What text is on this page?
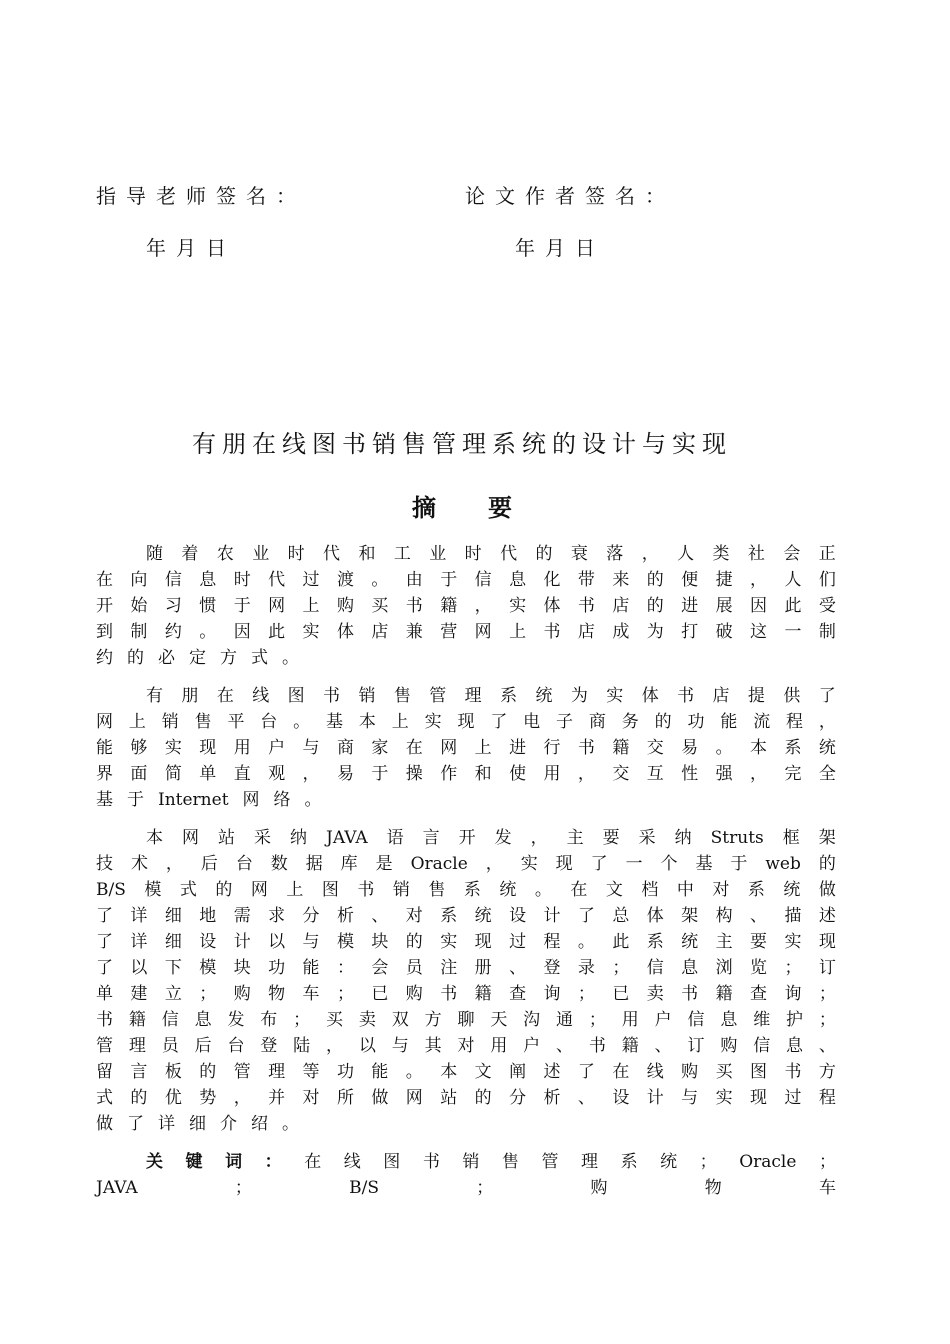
指导老师签名：	论文作者签名：
年月日	年月日
有朋在线图书销售管理系统的设计与实现
摘 要
随 着 农 业 时 代 和 工 业 时 代 的 衰 落 ， 人 类 社 会 正
在 向 信 息 时 代 过 渡 。 由 于 信 息 化 带 来 的 便 捷 ， 人 们
开 始 习 惯 于 网 上 购 买 书 籍 ， 实 体 书 店 的 进 展 因 此 受
到 制 约 。 因 此 实 体 店 兼 营 网 上 书 店 成 为 打 破 这 一 制
约 的 必 定 方 式 。
有 朋 在 线 图 书 销 售 管 理 系 统 为 实 体 书 店 提 供 了
网 上 销 售 平 台 。 基 本 上 实 现 了 电 子 商 务 的 功 能 流 程 ，
能 够 实 现 用 户 与 商 家 在 网 上 进 行 书 籍 交 易 。 本 系 统
界 面 简 单 直 观 ， 易 于 操 作 和 使 用 ， 交 互 性 强 ， 完 全
基 于 Internet 网 络 。
本 网 站 采 纳 JAVA 语 言 开 发 ， 主 要 采 纳 Struts 框 架
技 术 ， 后 台 数 据 库 是 Oracle ， 实 现 了 一 个 基 于 web 的
B/S 模 式 的 网 上 图 书 销 售 系 统 。 在 文 档 中 对 系 统 做
了 详 细 地 需 求 分 析 、 对 系 统 设 计 了 总 体 架 构 、 描 述
了 详 细 设 计 以 与 模 块 的 实 现 过 程 。 此 系 统 主 要 实 现
了 以 下 模 块 功 能 ： 会 员 注 册 、 登 录 ； 信 息 浏 览 ； 订
单 建 立 ； 购 物 车 ； 已 购 书 籍 查 询 ； 已 卖 书 籍 查 询 ；
书 籍 信 息 发 布 ； 买 卖 双 方 聊 天 沟 通 ； 用 户 信 息 维 护 ；
管 理 员 后 台 登 陆 ， 以 与 其 对 用 户 、 书 籍 、 订 购 信 息 、
留 言 板 的 管 理 等 功 能 。 本 文 阐 述 了 在 线 购 买 图 书 方
式 的 优 势 ， 并 对 所 做 网 站 的 分 析 、 设 计 与 实 现 过 程
做 了 详 细 介 绍 。
关 键 词 ： 在 线 图 书 销 售 管 理 系 统 ； Oracle ；
JAVA	；	B/S	；	购	物	车
